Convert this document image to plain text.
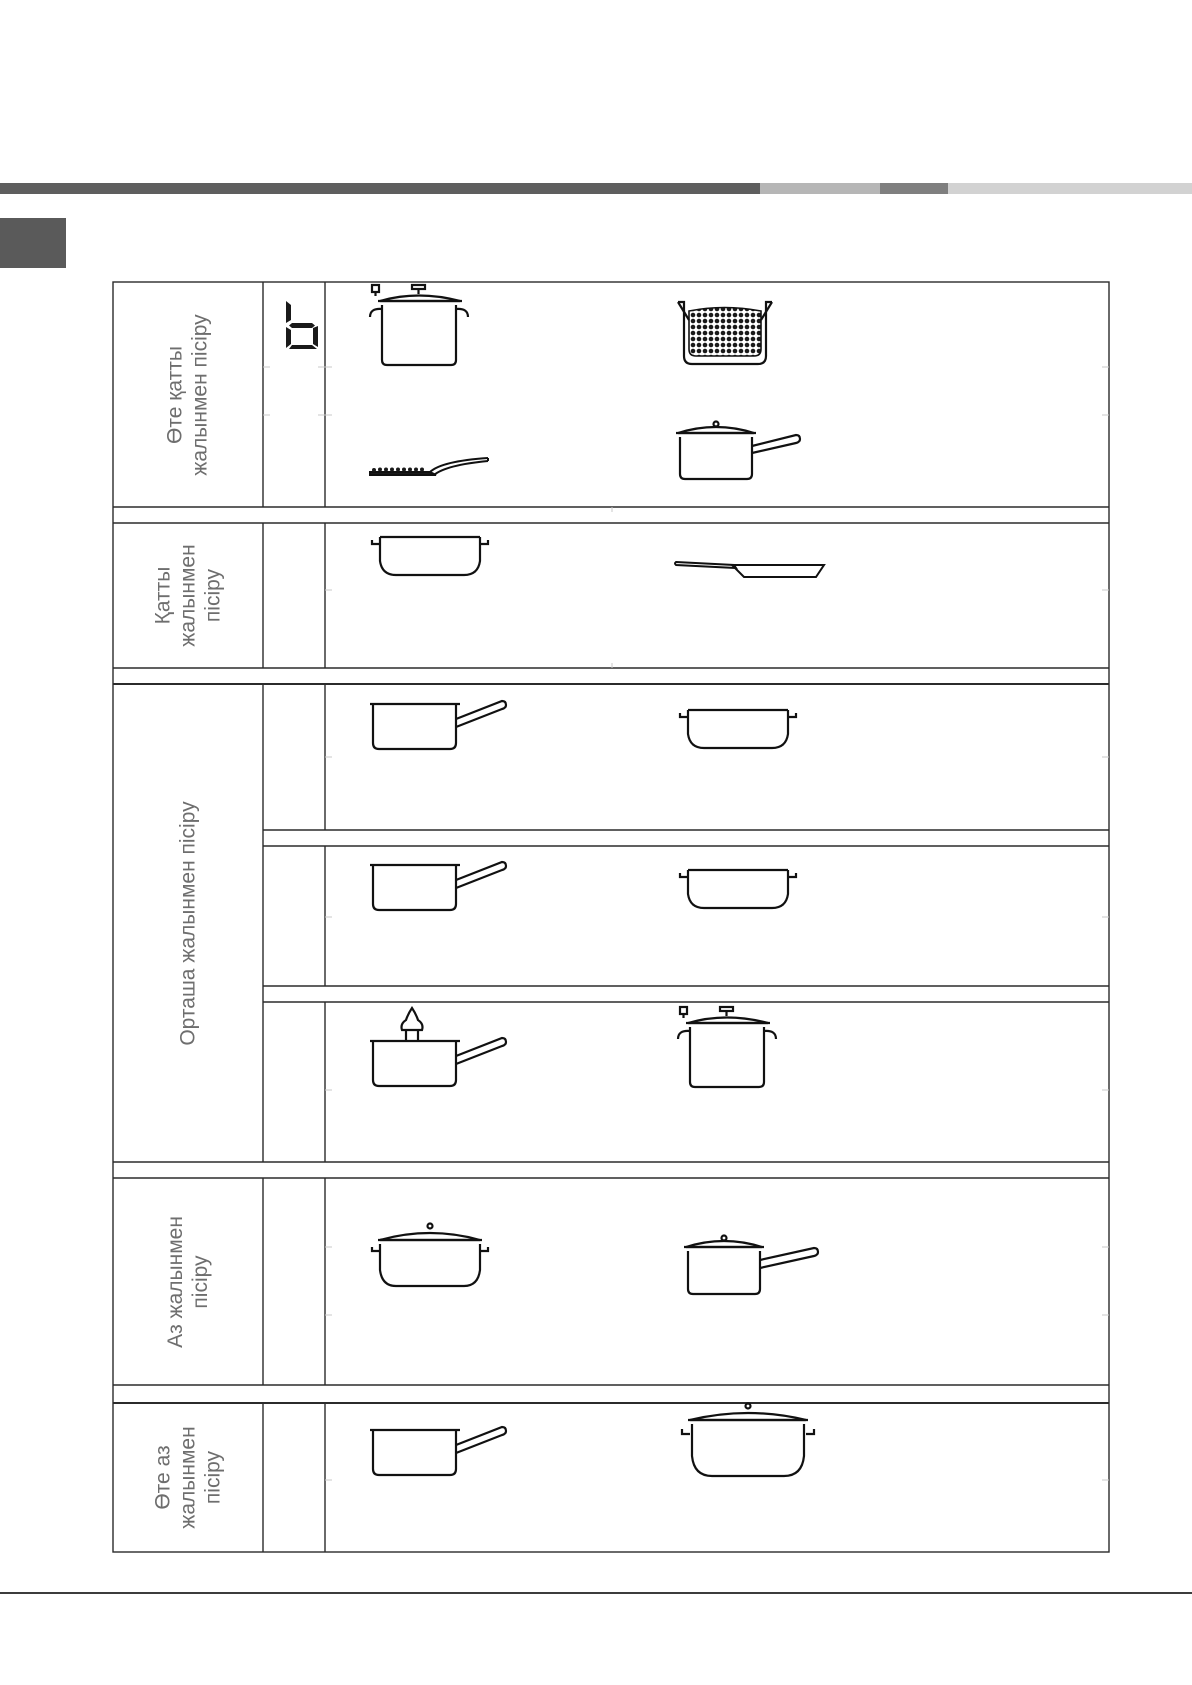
Өте қатты
жалынмен пісіру
Қатты
жалынмен
пісіру
Орташа жалынмен пісіру
Аз жалынмен
пісіру
Өте аз
жалынмен
пісіру
